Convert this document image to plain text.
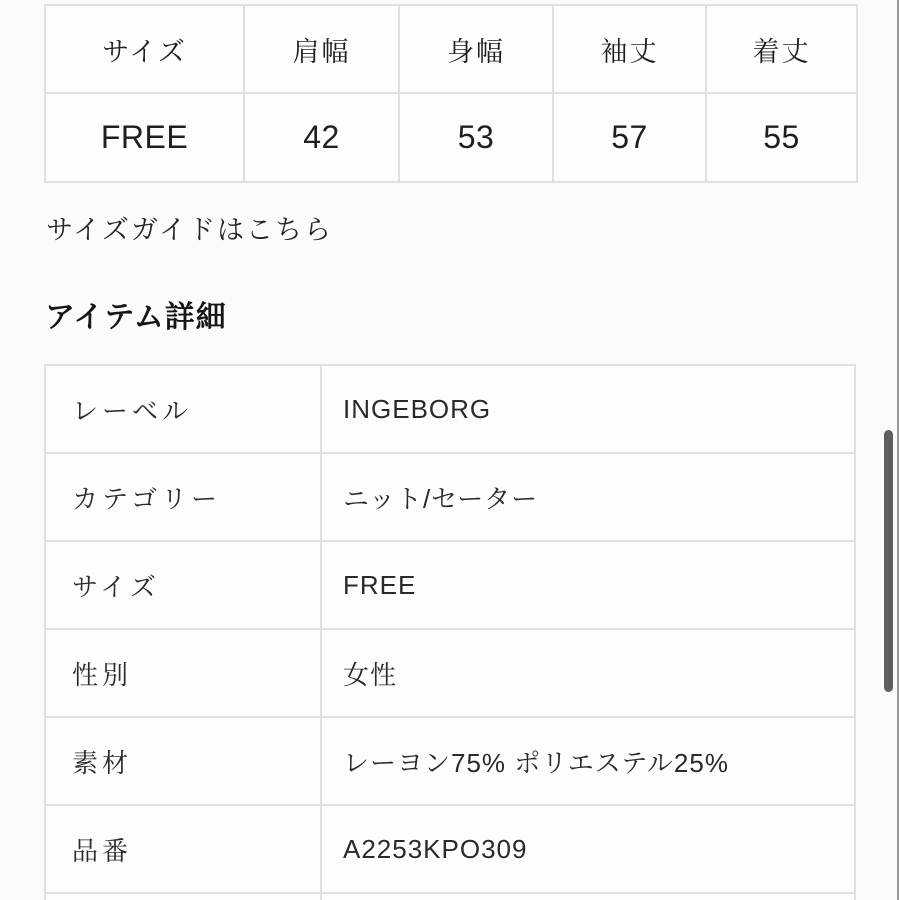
サイズ	肩幅	身幅	袖丈	着丈
FREE	42	53	57	55
サイズガイドはこちら
アイテム詳細
レーベル	INGEBORG
カテゴリー	ニット/セーター
サイズ	FREE
性別	女性
素材	レーヨン75% ポリエステル25%
品番	A2253KPO309
